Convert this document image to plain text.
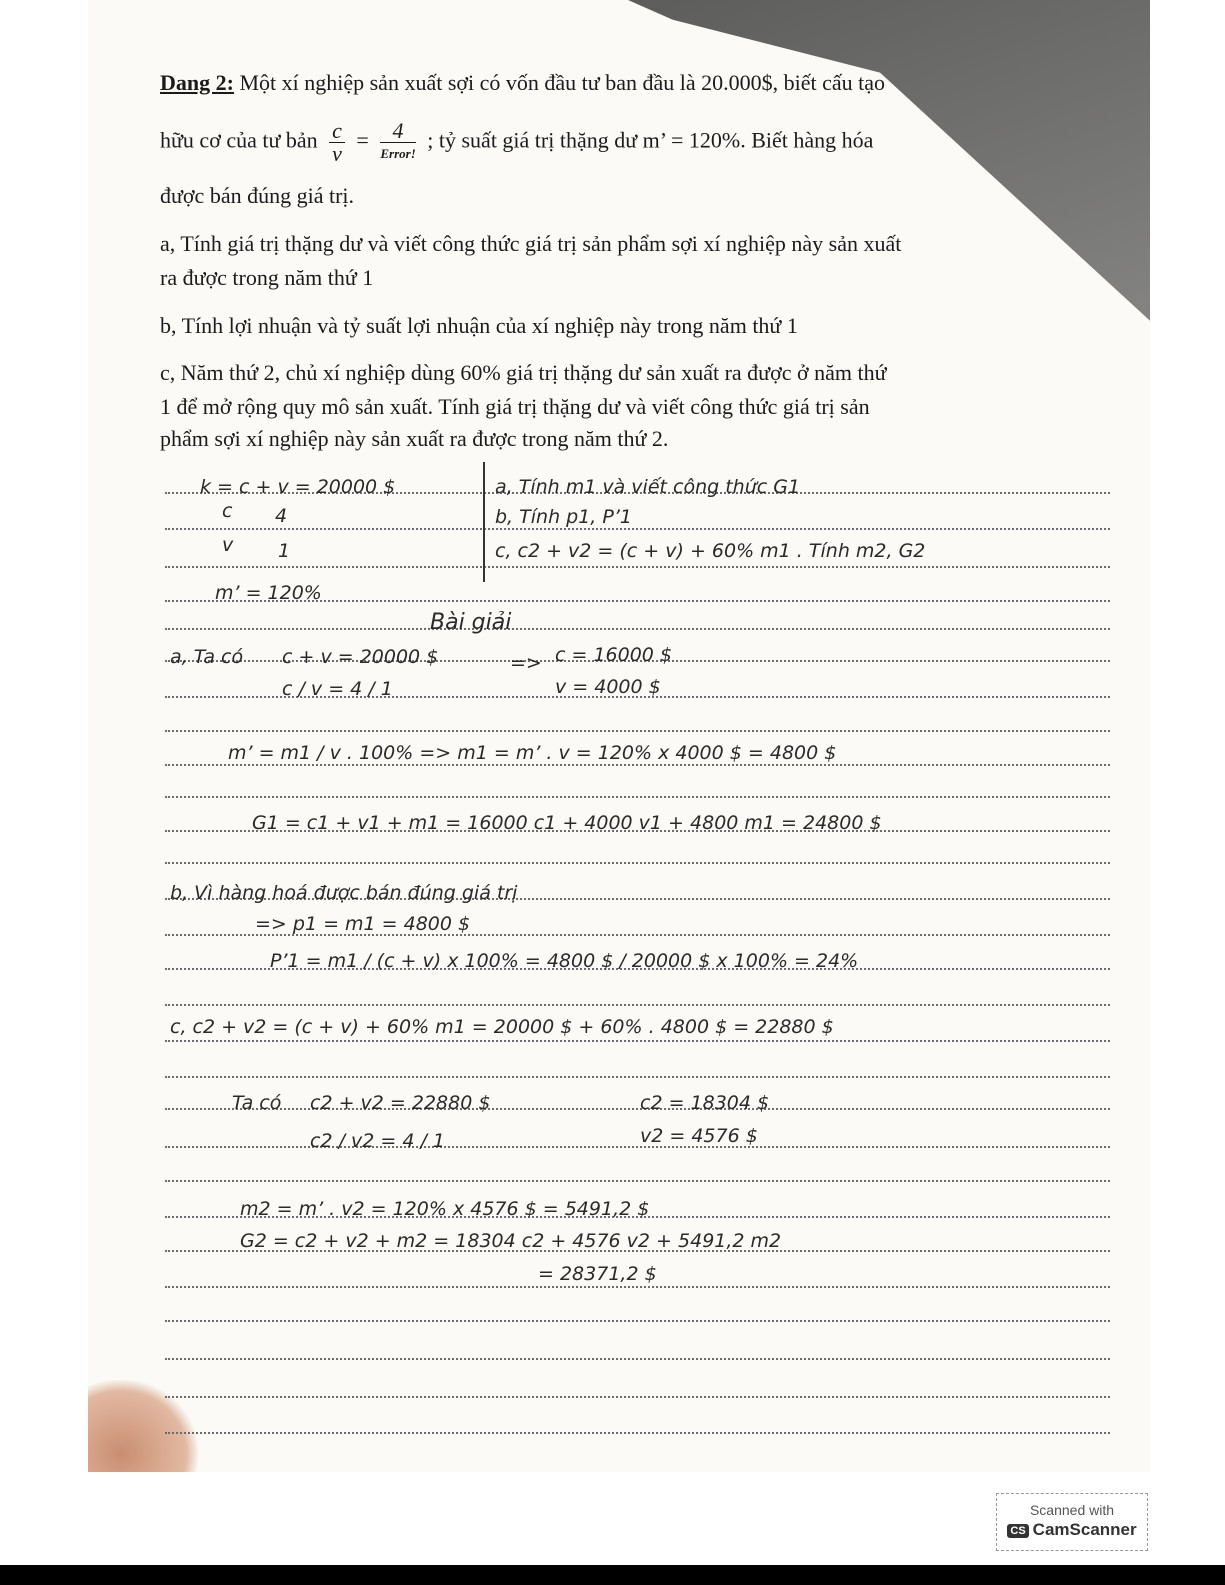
Dang 2: Một xí nghiệp sản xuất sợi có vốn đầu tư ban đầu là 20.000$, biết cấu tạo
hữu cơ của tư bản $\frac{c}{v} = \frac{4}{\text{Error!}}$ ; tỷ suất giá trị thặng dư m’ = 120%. Biết hàng hóa
được bán đúng giá trị.
a, Tính giá trị thặng dư và viết công thức giá trị sản phẩm sợi xí nghiệp này sản xuất
ra được trong năm thứ 1
b, Tính lợi nhuận và tỷ suất lợi nhuận của xí nghiệp này trong năm thứ 1
c, Năm thứ 2, chủ xí nghiệp dùng 60% giá trị thặng dư sản xuất ra được ở năm thứ
1 để mở rộng quy mô sản xuất. Tính giá trị thặng dư và viết công thức giá trị sản
phẩm sợi xí nghiệp này sản xuất ra được trong năm thứ 2.
k = c + v = 20000 $
c 4
v 1
m’ = 120%
a, Tính m1 và viết công thức G1
b, Tính p1, P’1
c, c2 + v2 = (c + v) + 60% m1 . Tính m2, G2
Bài giải
a, Ta có c + v = 20000 $
c / v = 4 / 1
=> c = 16000 $
v = 4000 $
m’ = m1 / v . 100% => m1 = m’ . v = 120% x 4000 $ = 4800 $
G1 = c1 + v1 + m1 = 16000 c1 + 4000 v1 + 4800 m1 = 24800 $
b, Vì hàng hoá được bán đúng giá trị
=> p1 = m1 = 4800 $
P’1 = m1 / (c + v) x 100% = 4800 $ / 20000 $ x 100% = 24%
c, c2 + v2 = (c + v) + 60% m1 = 20000 $ + 60% . 4800 $ = 22880 $
Ta có c2 + v2 = 22880 $
c2 / v2 = 4 / 1
c2 = 18304 $
v2 = 4576 $
m2 = m’ . v2 = 120% x 4576 $ = 5491,2 $
G2 = c2 + v2 + m2 = 18304 c2 + 4576 v2 + 5491,2 m2
= 28371,2 $
Scanned with
CS CamScanner
